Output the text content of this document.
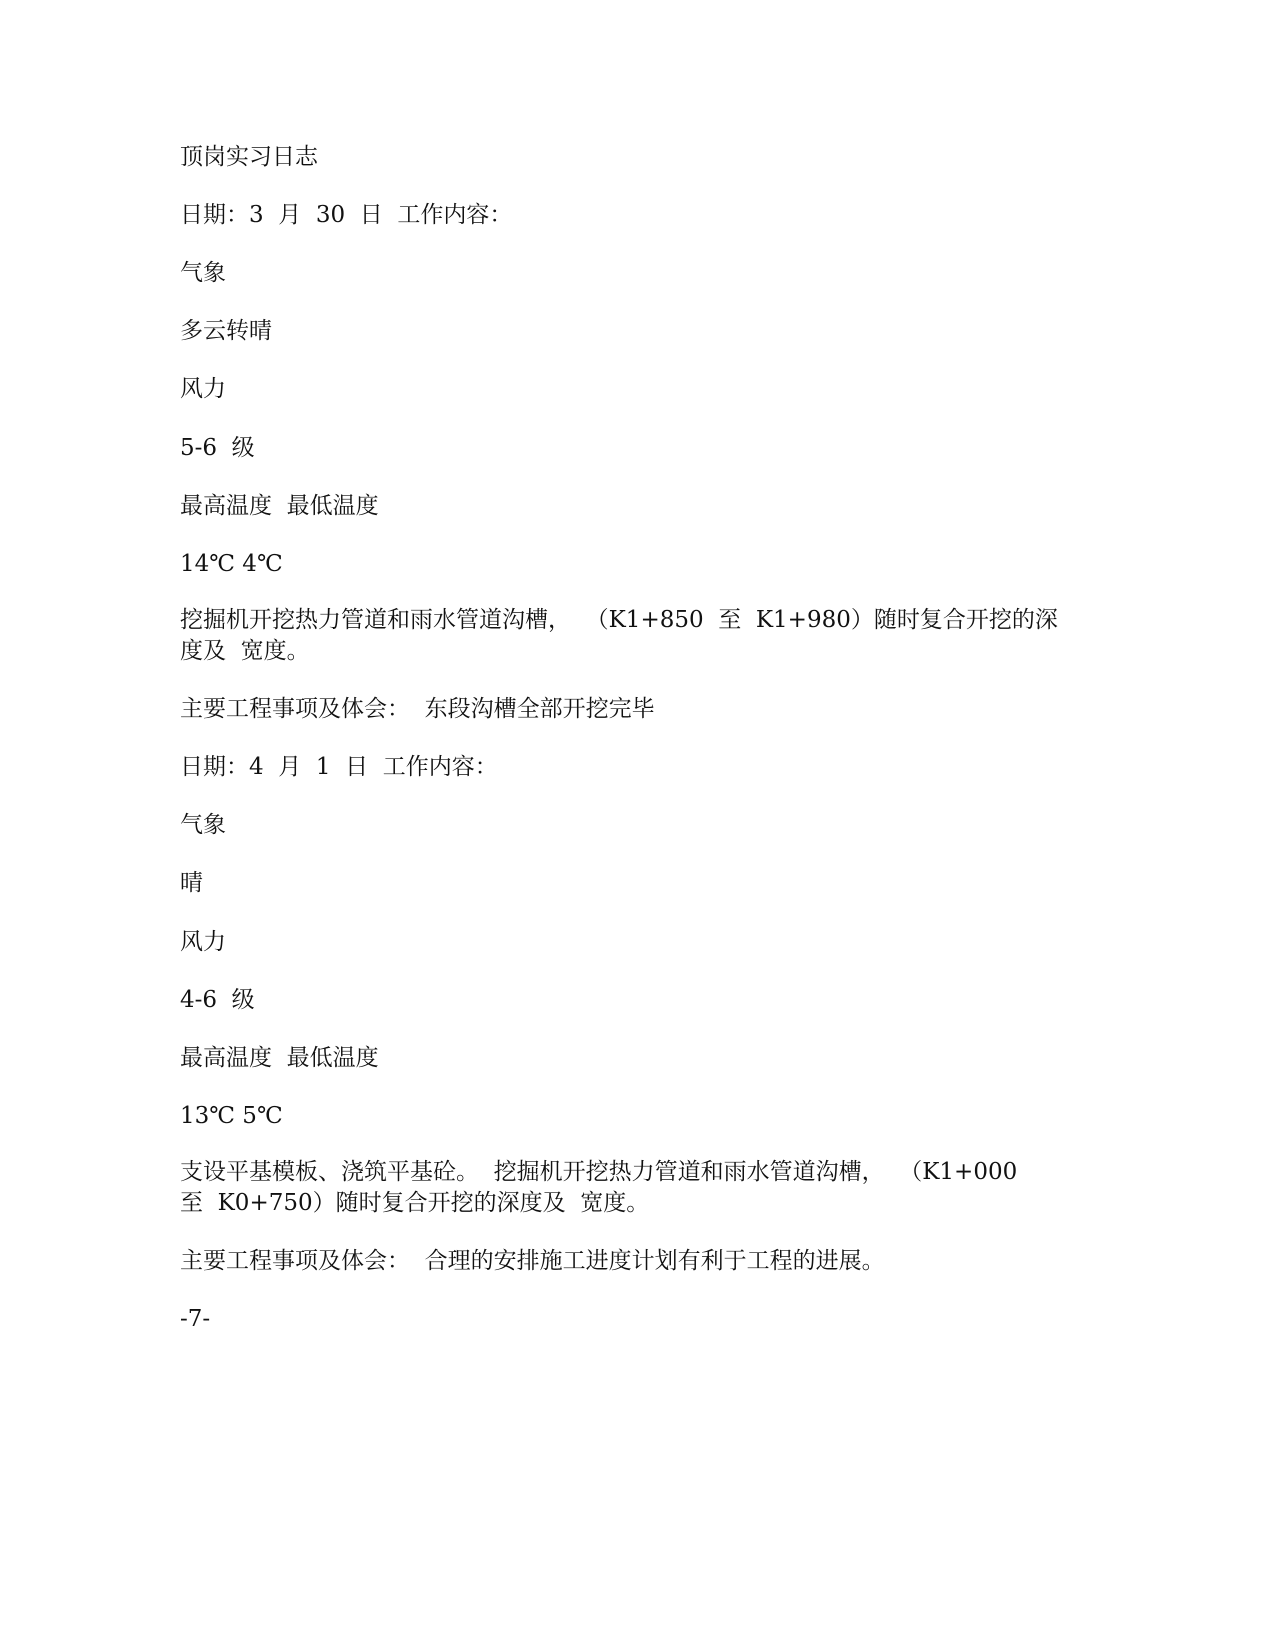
顶岗实习日志

日期：3  月  30  日  工作内容：

气象

多云转晴

风力

5-6  级

最高温度  最低温度

14℃ 4℃

挖掘机开挖热力管道和雨水管道沟槽，  （K1+850  至  K1+980）随时复合开挖的深

度及  宽度。

主要工程事项及体会：  东段沟槽全部开挖完毕

日期：4  月  1  日  工作内容：

气象

晴

风力

4-6  级

最高温度  最低温度

13℃ 5℃

支设平基模板、浇筑平基砼。  挖掘机开挖热力管道和雨水管道沟槽，  （K1+000

至  K0+750）随时复合开挖的深度及  宽度。

主要工程事项及体会：  合理的安排施工进度计划有利于工程的进展。

-7-
